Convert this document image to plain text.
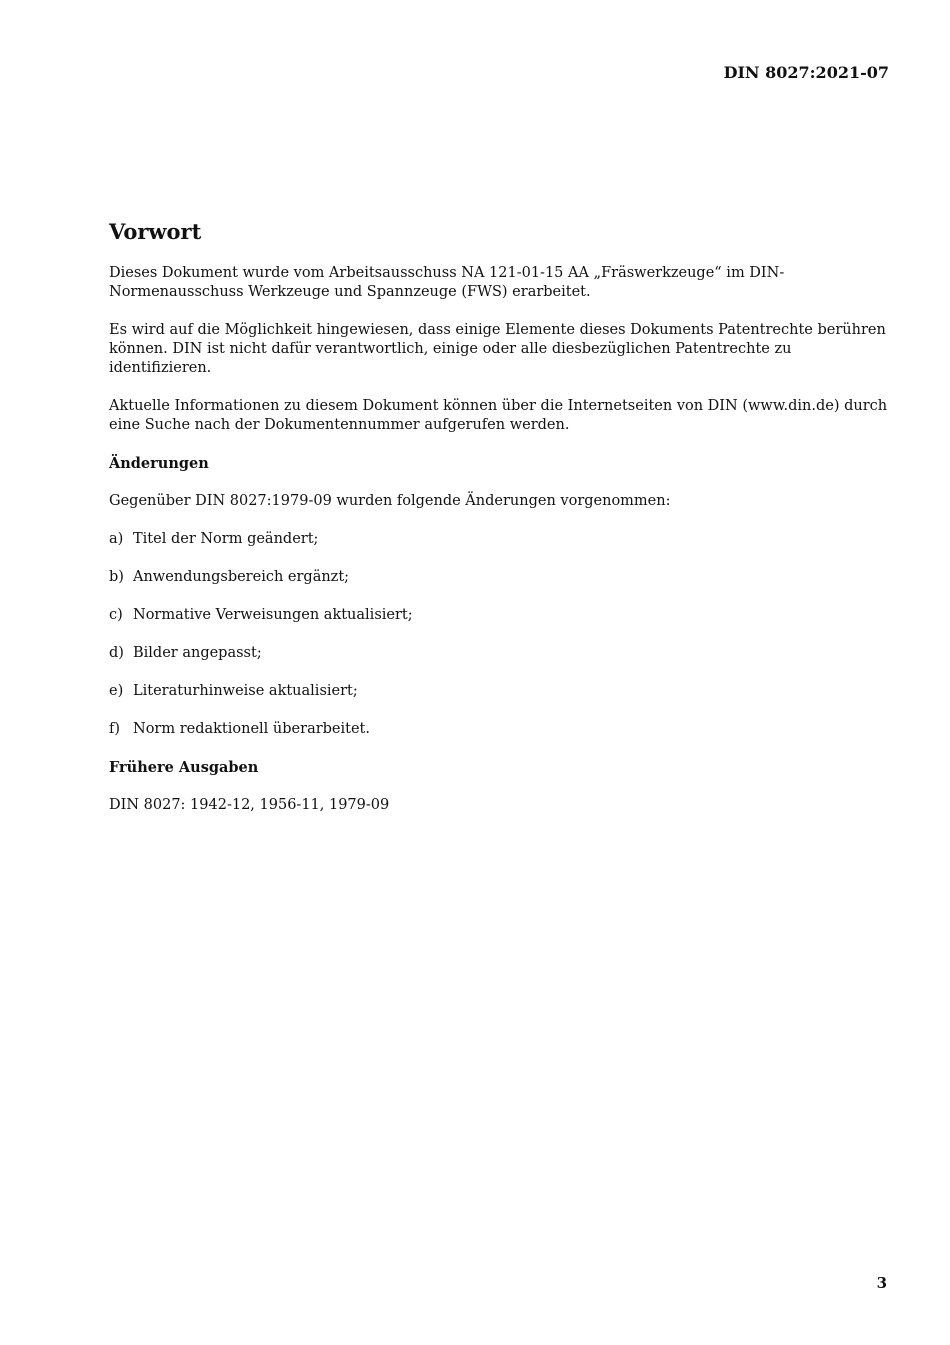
DIN 8027:2021-07
Vorwort

Dieses Dokument wurde vom Arbeitsausschuss NA 121-01-15 AA „Fräswerkzeuge“ im DIN-Normenausschuss Werkzeuge und Spannzeuge (FWS) erarbeitet.

Es wird auf die Möglichkeit hingewiesen, dass einige Elemente dieses Dokuments Patentrechte berühren können. DIN ist nicht dafür verantwortlich, einige oder alle diesbezüglichen Patentrechte zu identifizieren.

Aktuelle Informationen zu diesem Dokument können über die Internetseiten von DIN (www.din.de) durch eine Suche nach der Dokumentennummer aufgerufen werden.

Änderungen

Gegenüber DIN 8027:1979-09 wurden folgende Änderungen vorgenommen:

a) Titel der Norm geändert;
b) Anwendungsbereich ergänzt;
c) Normative Verweisungen aktualisiert;
d) Bilder angepasst;
e) Literaturhinweise aktualisiert;
f) Norm redaktionell überarbeitet.
Frühere Ausgaben

DIN 8027: 1942-12, 1956-11, 1979-09

3
